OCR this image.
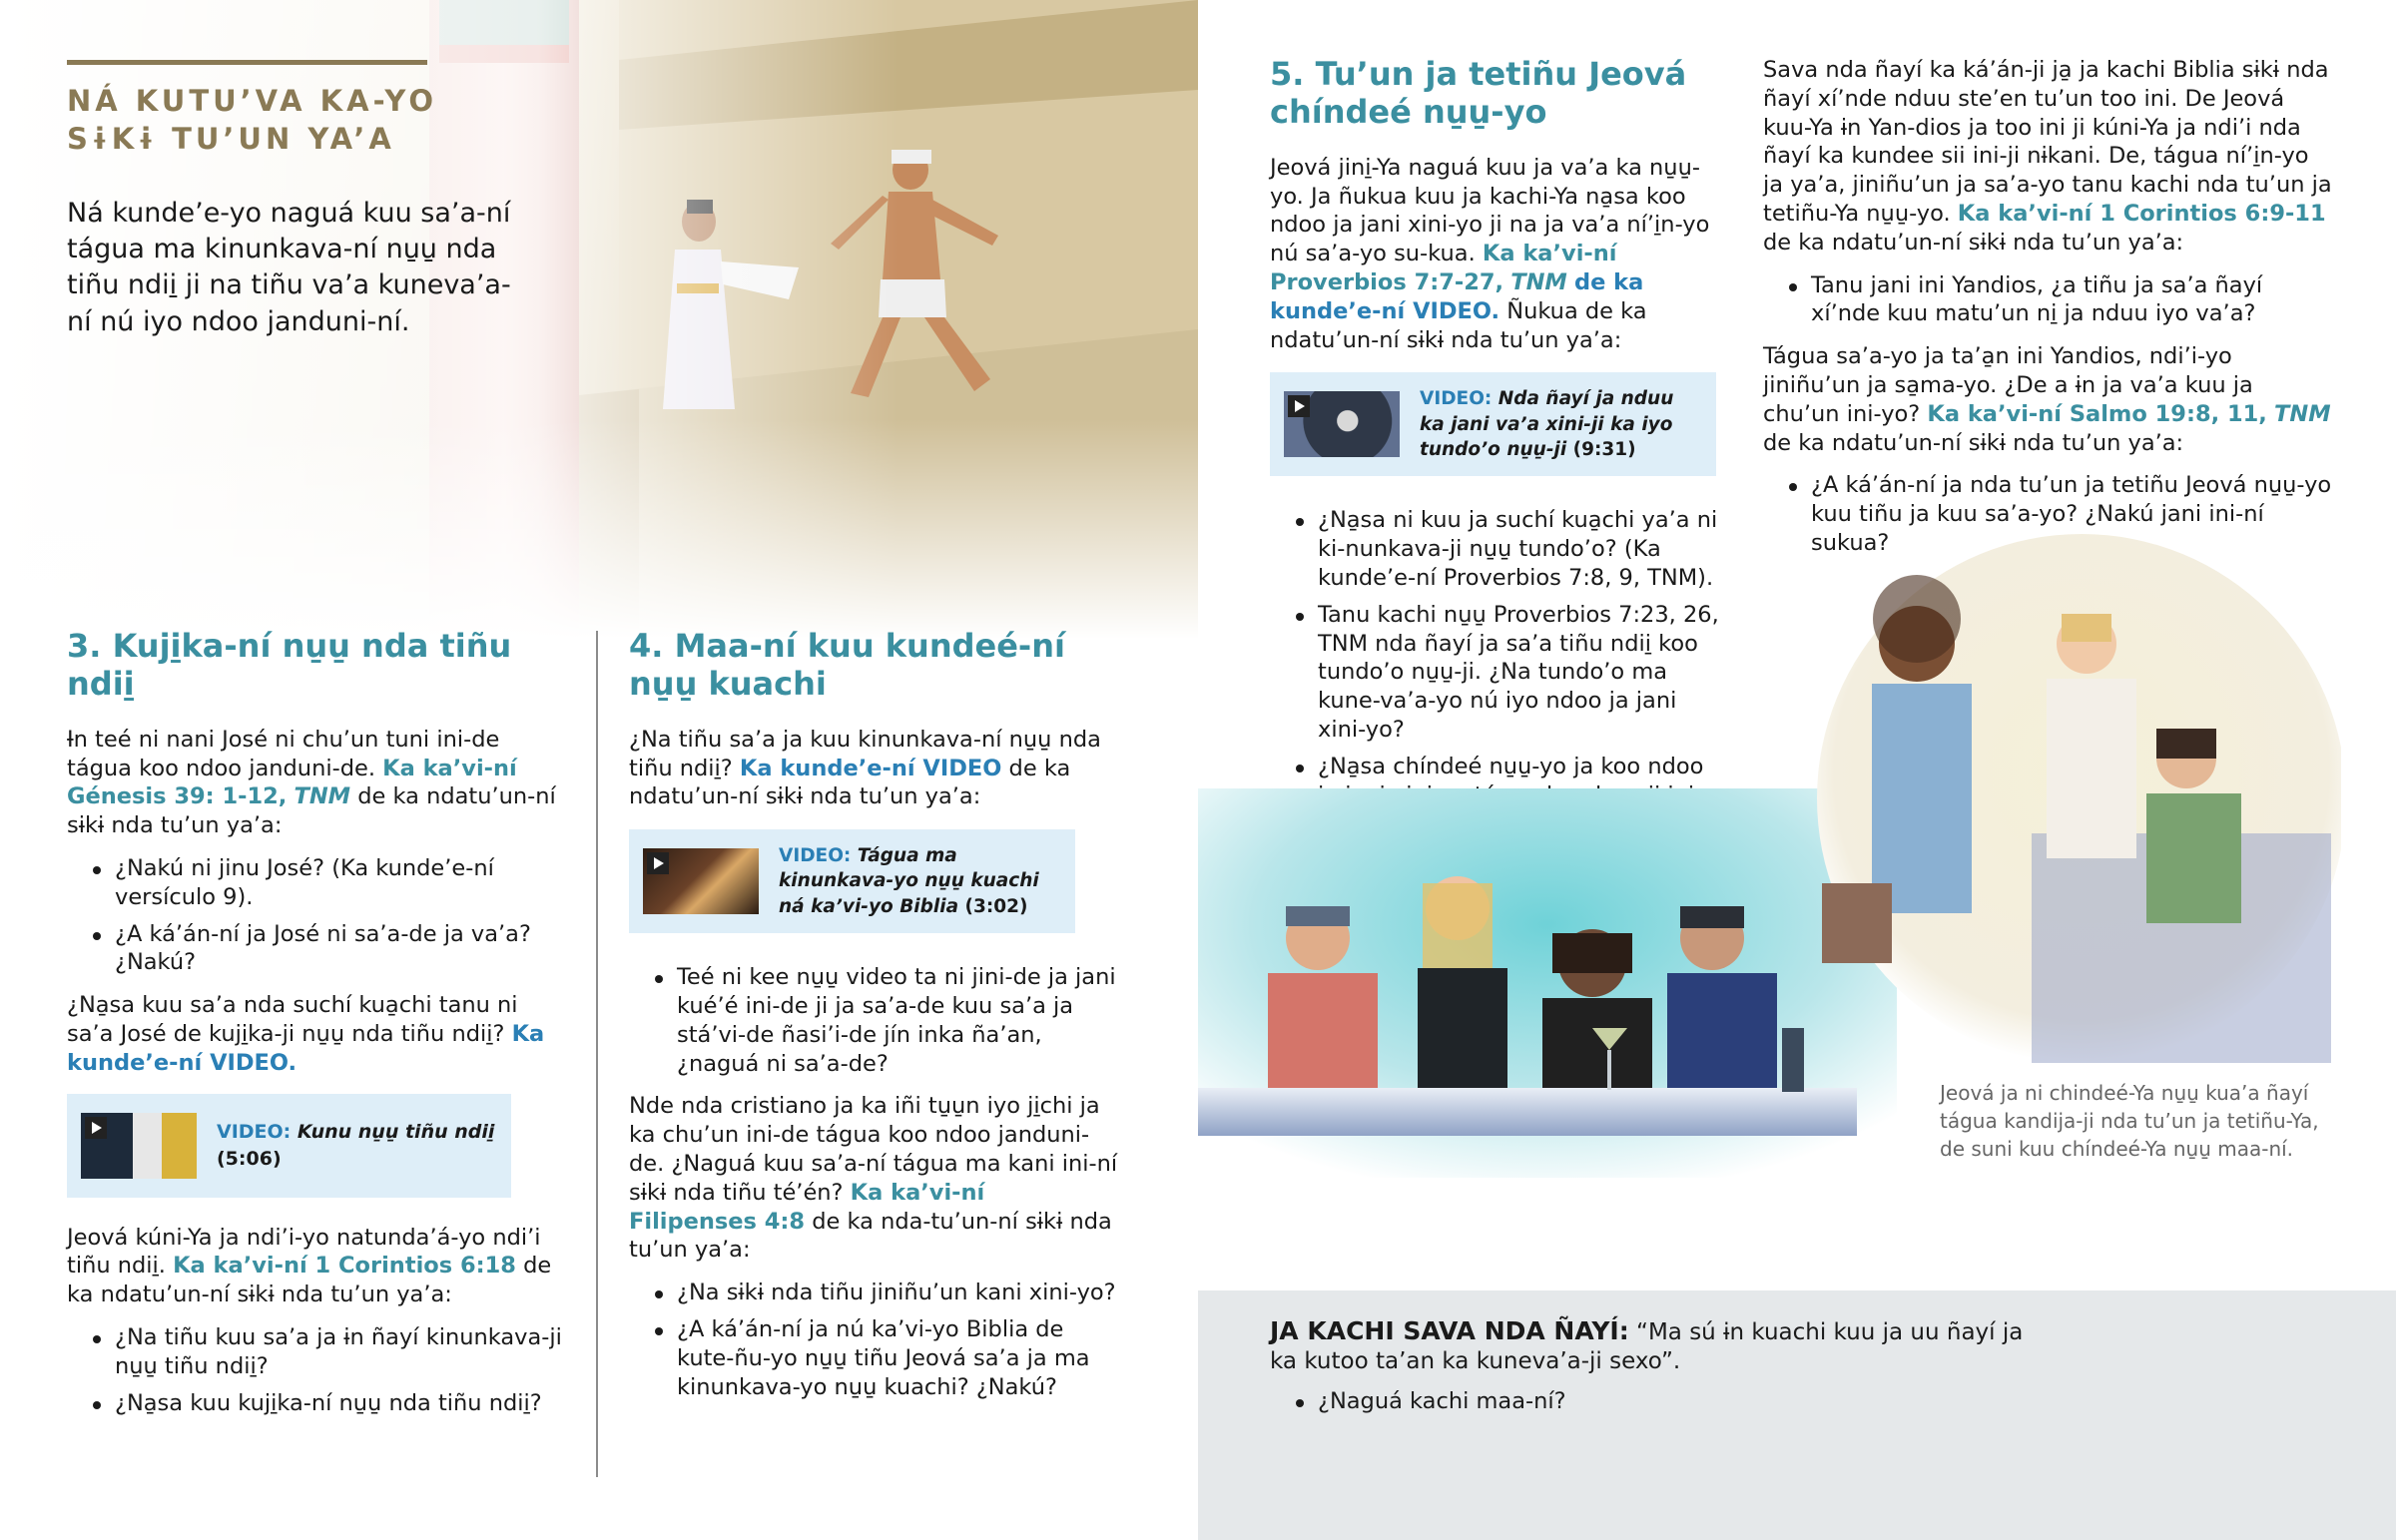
NÁ KUTU’VA KA-YO
SɨKɨ TU’UN YA’A
Ná kunde’e-yo naguá kuu sa’a-ní tágua ma kinunkava-ní nu̱u̱ nda tiñu ndii̱ ji na tiñu va’a kuneva’a-ní nú iyo ndoo janduni-ní.
3. Kuji̱ka-ní nu̱u̱ nda tiñu ndii̱

Ɨn teé ni nani José ni chu’un tuni ini-de tágua koo ndoo janduni-de. Ka ka’vi-ní Génesis 39: 1-12, TNM de ka ndatu’un-ní sɨkɨ nda tu’un ya’a:

¿Nakú ni jinu José? (Ka kunde’e-ní versículo 9).
¿A ká’án-ní ja José ni sa’a-de ja va’a? ¿Nakú?

¿Na̱sa kuu sa’a nda suchí kua̱chi tanu ni sa’a José de kuji̱ka-ji nu̱u̱ nda tiñu ndii̱? Ka kunde’e-ní VIDEO.

VIDEO: Kunu nu̱u̱ tiñu ndii̱
(5:06)

Jeová kúni-Ya ja ndi’i-yo natunda’á-yo ndi’i tiñu ndii̱. Ka ka’vi-ní 1 Corintios 6:18 de ka ndatu’un-ní sɨkɨ nda tu’un ya’a:

¿Na tiñu kuu sa’a ja ɨn ñayí kinunkava-ji nu̱u̱ tiñu ndii̱?
¿Na̱sa kuu kuji̱ka-ní nu̱u̱ nda tiñu ndii̱?
4. Maa-ní kuu kundeé-ní nu̱u̱ kuachi

¿Na tiñu sa’a ja kuu kinunkava-ní nu̱u̱ nda tiñu ndii̱? Ka kunde’e-ní VIDEO de ka ndatu’un-ní sɨkɨ nda tu’un ya’a:

VIDEO: Tágua ma kinunkava-yo nu̱u̱ kuachi ná ka’vi-yo Biblia (3:02)
Teé ni kee nu̱u̱ video ta ni jini-de ja jani kué’é ini-de ji ja sa’a-de kuu sa’a ja stá’vi-de ñasi’i-de jín inka ña’an, ¿naguá ni sa’a-de?

Nde nda cristiano ja ka iñi tu̱u̱n iyo ji̱chi ja ka chu’un ini-de tágua koo ndoo janduni-de. ¿Naguá kuu sa’a-ní tágua ma kani ini-ní sɨkɨ nda tiñu té’én? Ka ka’vi-ní Filipenses 4:8 de ka nda-tu’un-ní sɨkɨ nda tu’un ya’a:

¿Na sɨkɨ nda tiñu jiniñu’un kani xini-yo?
¿A ká’án-ní ja nú ka’vi-yo Biblia de kute-ñu-yo nu̱u̱ tiñu Jeová sa’a ja ma kinunkava-yo nu̱u̱ kuachi? ¿Nakú?
5. Tu’un ja tetiñu Jeová chíndeé nu̱u̱-yo

Jeová jini̱-Ya naguá kuu ja va’a ka nu̱u̱-yo. Ja ñukua kuu ja kachi-Ya na̱sa koo ndoo ja jani xini-yo ji na ja va’a ní’i̱n-yo nú sa’a-yo su-kua. Ka ka’vi-ní Proverbios 7:7-27, TNM de ka kunde’e-ní VIDEO. Ñukua de ka ndatu’un-ní sɨkɨ nda tu’un ya’a:

VIDEO: Nda ñayí ja nduu ka jani va’a xini-ji ka iyo tundo’o nu̱u̱-ji (9:31)
¿Na̱sa ni kuu ja suchí kua̱chi ya’a ni ki-nunkava-ji nu̱u̱ tundo’o? (Ka kunde’e-ní Proverbios 7:8, 9, TNM).
Tanu kachi nu̱u̱ Proverbios 7:23, 26, TNM nda ñayí ja sa’a tiñu ndii̱ koo tundo’o nu̱u̱-ji. ¿Na tundo’o ma kune-va’a-yo nú iyo ndoo ja jani xini-yo?
¿Na̱sa chíndeé nu̱u̱-yo ja koo ndoo

Sava nda ñayí ka ká’án-ji ja̱ ja kachi Biblia sɨkɨ nda ñayí xí’nde nduu ste’en tu’un too ini. De Jeová kuu-Ya ɨn Yan-dios ja too ini ji kúni-Ya ja ndi’i nda ñayí ka kundee sii ini-ji nɨkani. De, tágua ní’i̱n-yo ja ya’a, jiniñu’un ja sa’a-yo tanu kachi nda tu’un ja tetiñu-Ya nu̱u̱-yo. Ka ka’vi-ní 1 Corintios 6:9-11 de ka ndatu’un-ní sɨkɨ nda tu’un ya’a:

Tanu jani ini Yandios, ¿a tiñu ja sa’a ñayí xí’nde kuu matu’un ni̱ ja nduu iyo va’a?

Tágua sa’a-yo ja ta’a̱n ini Yandios, ndi’i-yo jiniñu’un ja sa̱ma-yo. ¿De a ɨn ja va’a kuu ja chu’un ini-yo? Ka ka’vi-ní Salmo 19:8, 11, TNM de ka ndatu’un-ní sɨkɨ nda tu’un ya’a:

¿A ká’án-ní ja nda tu’un ja tetiñu Jeová nu̱u̱-yo kuu tiñu ja kuu sa’a-yo? ¿Nakú jani ini-ní sukua?
Jeová ja ni chindeé-Ya nu̱u̱ kua’a ñayí tágua kandija-ji nda tu’un ja tetiñu-Ya, de suni kuu chíndeé-Ya nu̱u̱ maa-ní.

JA KACHI SAVA NDA ÑAYÍ: “Ma sú ɨn kuachi kuu ja uu ñayí ja ka kutoo ta’an ka kuneva’a-ji sexo”.

¿Naguá kachi maa-ní?
